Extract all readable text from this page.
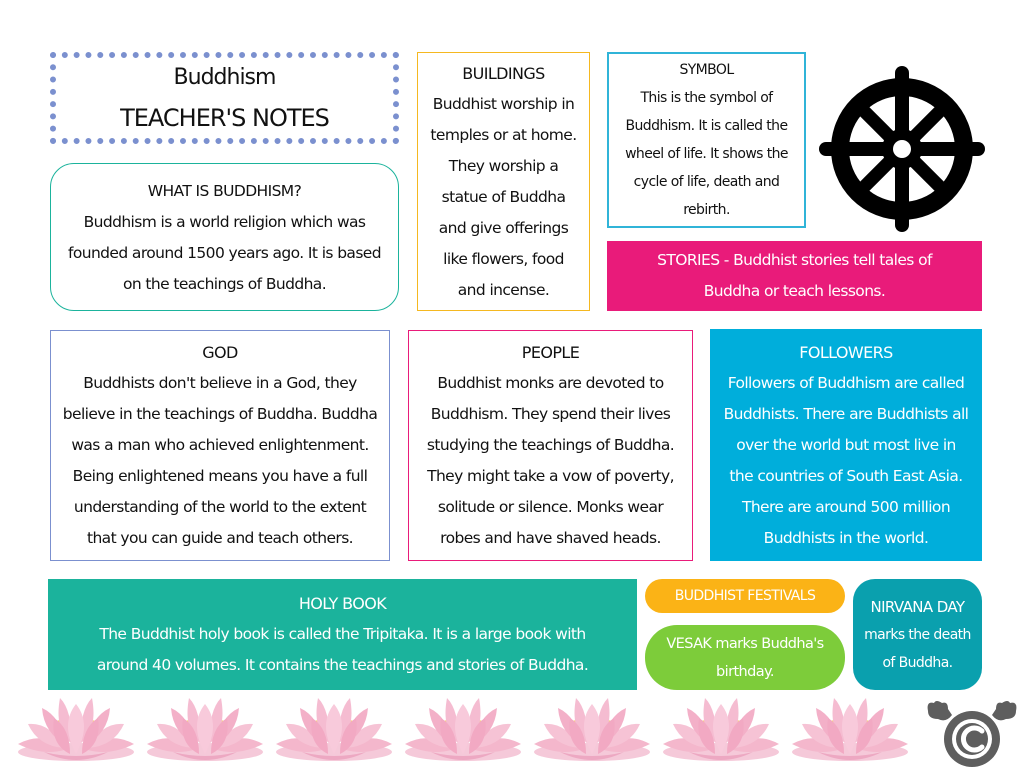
Buddhism
TEACHER'S NOTES
WHAT IS BUDDHISM?
Buddhism is a world religion which was
founded around 1500 years ago. It is based
on the teachings of Buddha.
BUILDINGS
Buddhist worship in
temples or at home.
They worship a
statue of Buddha
and give offerings
like flowers, food
and incense.
SYMBOL
This is the symbol of
Buddhism. It is called the
wheel of life. It shows the
cycle of life, death and
rebirth.
STORIES - Buddhist stories tell tales of
Buddha or teach lessons.
GOD
Buddhists don't believe in a God, they
believe in the teachings of Buddha. Buddha
was a man who achieved enlightenment.
Being enlightened means you have a full
understanding of the world to the extent
that you can guide and teach others.
PEOPLE
Buddhist monks are devoted to
Buddhism. They spend their lives
studying the teachings of Buddha.
They might take a vow of poverty,
solitude or silence. Monks wear
robes and have shaved heads.
FOLLOWERS
Followers of Buddhism are called
Buddhists. There are Buddhists all
over the world but most live in
the countries of South East Asia.
There are around 500 million
Buddhists in the world.
HOLY BOOK
The Buddhist holy book is called the Tripitaka. It is a large book with
around 40 volumes. It contains the teachings and stories of Buddha.
BUDDHIST FESTIVALS
VESAK marks Buddha's
birthday.
NIRVANA DAY
marks the death
of Buddha.
